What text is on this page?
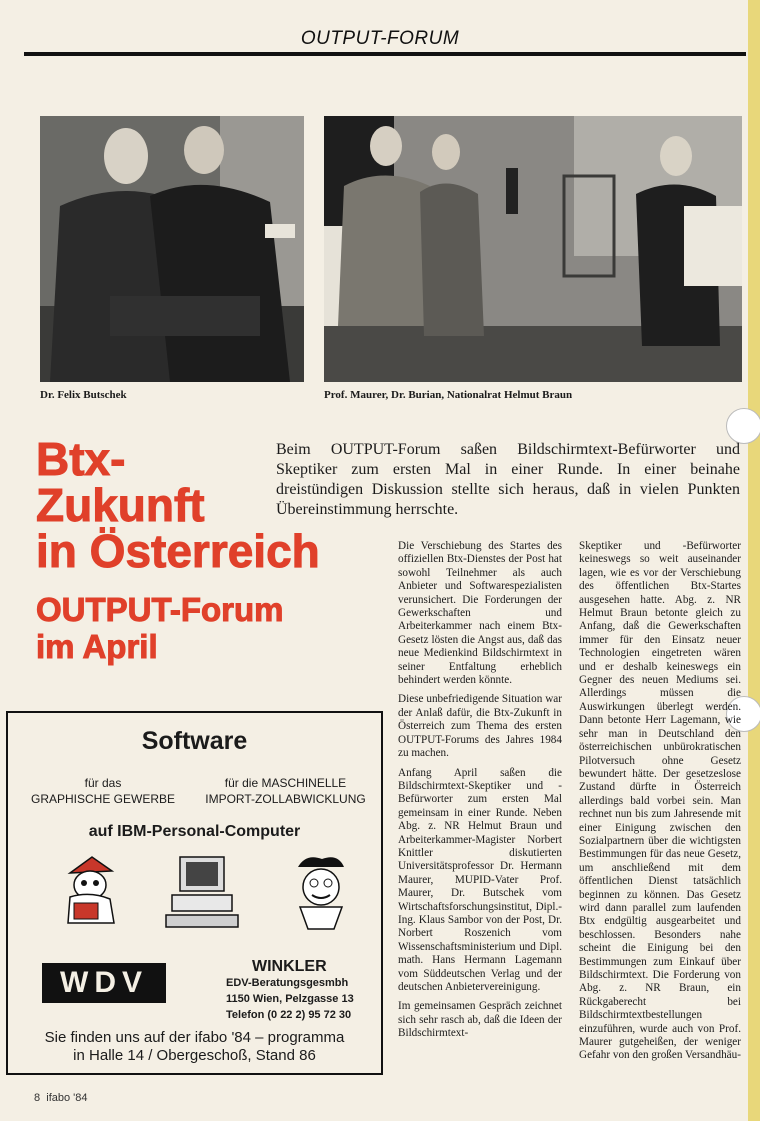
OUTPUT-FORUM
Dr. Felix Butschek	Prof. Maurer, Dr. Burian, Nationalrat Helmut Braun
Btx-
Zukunft
in Österreich
OUTPUT-Forum
im April
Beim OUTPUT-Forum saßen Bildschirmtext-Befürworter und Skeptiker zum ersten Mal in einer Runde. In einer beinahe dreistündigen Diskussion stellte sich heraus, daß in vielen Punkten Übereinstimmung herrschte.

Die Verschiebung des Startes des offiziellen Btx-Dienstes der Post hat sowohl Teilnehmer als auch Anbieter und Softwarespezialisten verunsichert. Die Forderungen der Gewerkschaften und Arbeiterkammer nach einem Btx-Gesetz lösten die Angst aus, daß das neue Medienkind Bildschirmtext in seiner Entfaltung erheblich behindert werden könnte.

Diese unbefriedigende Situation war der Anlaß dafür, die Btx-Zukunft in Österreich zum Thema des ersten OUTPUT-Forums des Jahres 1984 zu machen.

Anfang April saßen die Bildschirmtext-Skeptiker und -Befürworter zum ersten Mal gemeinsam in einer Runde. Neben Abg. z. NR Helmut Braun und Arbeiterkammer-Magister Norbert Knittler diskutierten Universitätsprofessor Dr. Hermann Maurer, MUPID-Vater Prof. Maurer, Dr. Butschek vom Wirtschaftsforschungsinstitut, Dipl.-Ing. Klaus Sambor von der Post, Dr. Norbert Roszenich vom Wissenschaftsministerium und Dipl. math. Hans Hermann Lagemann vom Süddeutschen Verlag und der deutschen Anbietervereinigung.

Im gemeinsamen Gespräch zeichnet sich sehr rasch ab, daß die Ideen der Bildschirmtext-

Skeptiker und -Befürworter keineswegs so weit auseinander lagen, wie es vor der Verschiebung des öffentlichen Btx-Startes ausgesehen hatte. Abg. z. NR Helmut Braun betonte gleich zu Anfang, daß die Gewerkschaften immer für den Einsatz neuer Technologien eingetreten wären und er deshalb keineswegs ein Gegner des neuen Mediums sei. Allerdings müssen die Auswirkungen überlegt werden. Dann betonte Herr Lagemann, wie sehr man in Deutschland den österreichischen unbürokratischen Pilotversuch ohne Gesetz bewundert hätte. Der gesetzeslose Zustand dürfte in Österreich allerdings bald vorbei sein. Man rechnet nun bis zum Jahresende mit einer Einigung zwischen den Sozialpartnern über die wichtigsten Bestimmungen für das neue Gesetz, um anschließend mit dem öffentlichen Dienst tatsächlich beginnen zu können. Das Gesetz wird dann parallel zum laufenden Btx endgültig ausgearbeitet und beschlossen. Besonders nahe scheint die Einigung bei den Bestimmungen zum Einkauf über Bildschirmtext. Die Forderung von Abg. z. NR Braun, ein Rückgaberecht bei Bildschirmtextbestellungen einzuführen, wurde auch von Prof. Maurer gutgeheißen, der weniger Gefahr von den großen Versandhäu-

Software
für das
GRAPHISCHE GEWERBE
für die MASCHINELLE
IMPORT-ZOLLABWICKLUNG
auf IBM-Personal-Computer
WDV	WINKLER
EDV-Beratungsgesmbh
1150 Wien, Pelzgasse 13
Telefon (0 22 2) 95 72 30
Sie finden uns auf der ifabo '84 – programma
in Halle 14 / Obergeschoß, Stand 86
8 ifabo '84
